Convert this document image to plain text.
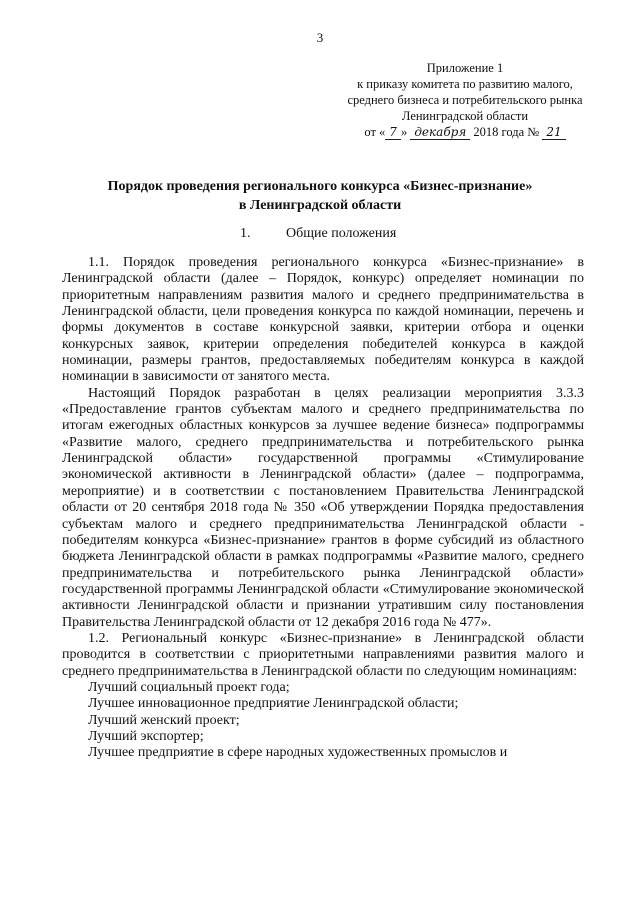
3
Приложение 1
к приказу комитета по развитию малого,
среднего бизнеса и потребительского рынка
Ленинградской области
от « 7 » декабря 2018 года № 21
Порядок проведения регионального конкурса «Бизнес-признание»
в Ленинградской области
1.	Общие положения

1.1. Порядок проведения регионального конкурса «Бизнес-признание» в Ленинградской области (далее – Порядок, конкурс) определяет номинации по приоритетным направлениям развития малого и среднего предпринимательства в Ленинградской области, цели проведения конкурса по каждой номинации, перечень и формы документов в составе конкурсной заявки, критерии отбора и оценки конкурсных заявок, критерии определения победителей конкурса в каждой номинации, размеры грантов, предоставляемых победителям конкурса в каждой номинации в зависимости от занятого места.

Настоящий Порядок разработан в целях реализации мероприятия 3.3.3 «Предоставление грантов субъектам малого и среднего предпринимательства по итогам ежегодных областных конкурсов за лучшее ведение бизнеса» подпрограммы «Развитие малого, среднего предпринимательства и потребительского рынка Ленинградской области» государственной программы «Стимулирование экономической активности в Ленинградской области» (далее – подпрограмма, мероприятие) и в соответствии с постановлением Правительства Ленинградской области от 20 сентября 2018 года № 350 «Об утверждении Порядка предоставления субъектам малого и среднего предпринимательства Ленинградской области - победителям конкурса «Бизнес-признание» грантов в форме субсидий из областного бюджета Ленинградской области в рамках подпрограммы «Развитие малого, среднего предпринимательства и потребительского рынка Ленинградской области» государственной программы Ленинградской области «Стимулирование экономической активности Ленинградской области и признании утратившим силу постановления Правительства Ленинградской области от 12 декабря 2016 года № 477».

1.2. Региональный конкурс «Бизнес-признание» в Ленинградской области проводится в соответствии с приоритетными направлениями развития малого и среднего предпринимательства в Ленинградской области по следующим номинациям:

Лучший социальный проект года;

Лучшее инновационное предприятие Ленинградской области;

Лучший женский проект;

Лучший экспортер;

Лучшее предприятие в сфере народных художественных промыслов и
